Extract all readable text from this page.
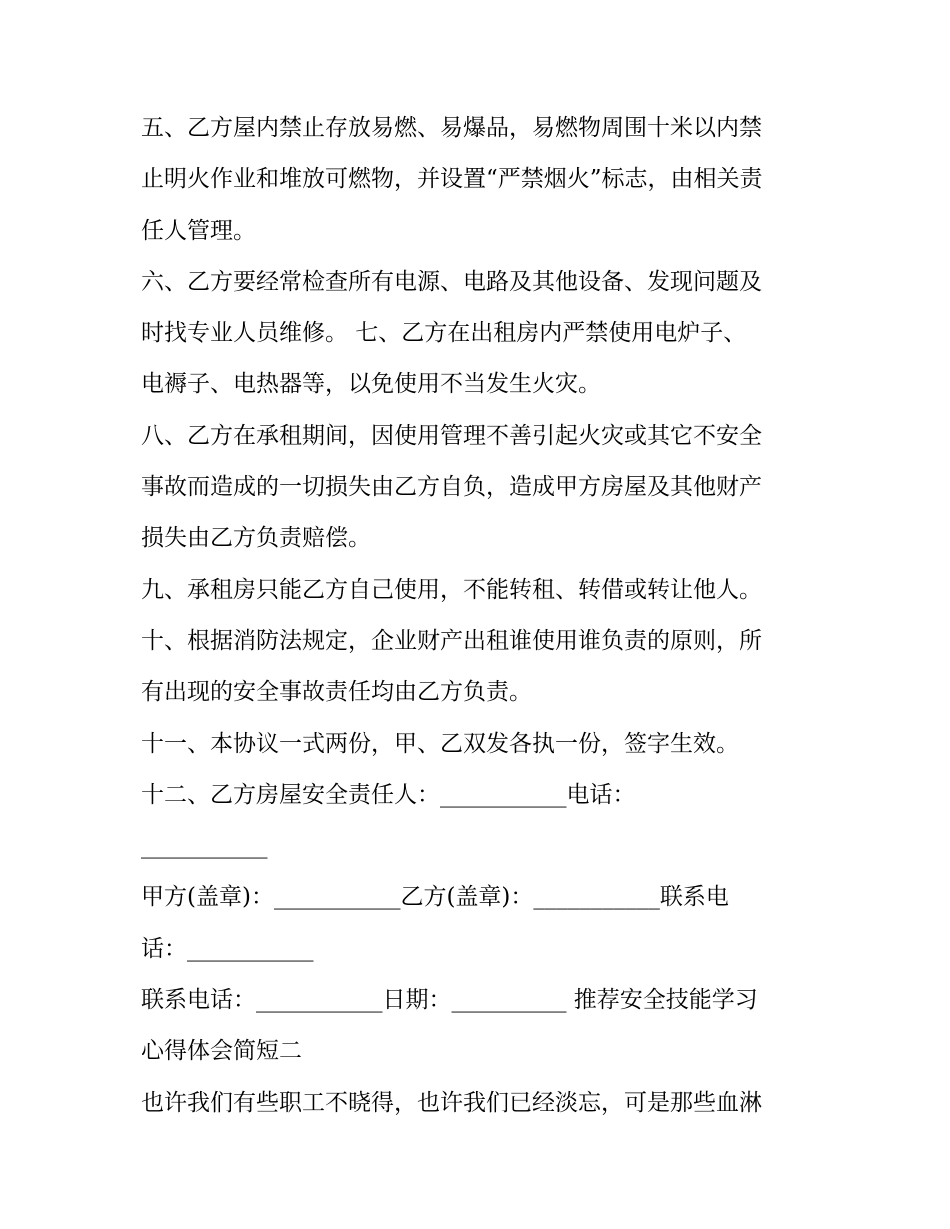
五、乙方屋内禁止存放易燃、易爆品，易燃物周围十米以内禁
止明火作业和堆放可燃物，并设置“严禁烟火”标志，由相关责
任人管理。
六、乙方要经常检查所有电源、电路及其他设备、发现问题及
时找专业人员维修。 七、乙方在出租房内严禁使用电炉子、
电褥子、电热器等，以免使用不当发生火灾。
八、乙方在承租期间，因使用管理不善引起火灾或其它不安全
事故而造成的一切损失由乙方自负，造成甲方房屋及其他财产
损失由乙方负责赔偿。
九、承租房只能乙方自己使用，不能转租、转借或转让他人。
十、根据消防法规定，企业财产出租谁使用谁负责的原则，所
有出现的安全事故责任均由乙方负责。
十一、本协议一式两份，甲、乙双发各执一份，签字生效。
十二、乙方房屋安全责任人：___________电话：
___________
甲方(盖章)：___________乙方(盖章)：___________联系电
话：___________
联系电话：___________日期：__________ 推荐安全技能学习
心得体会简短二
也许我们有些职工不晓得，也许我们已经淡忘，可是那些血淋
